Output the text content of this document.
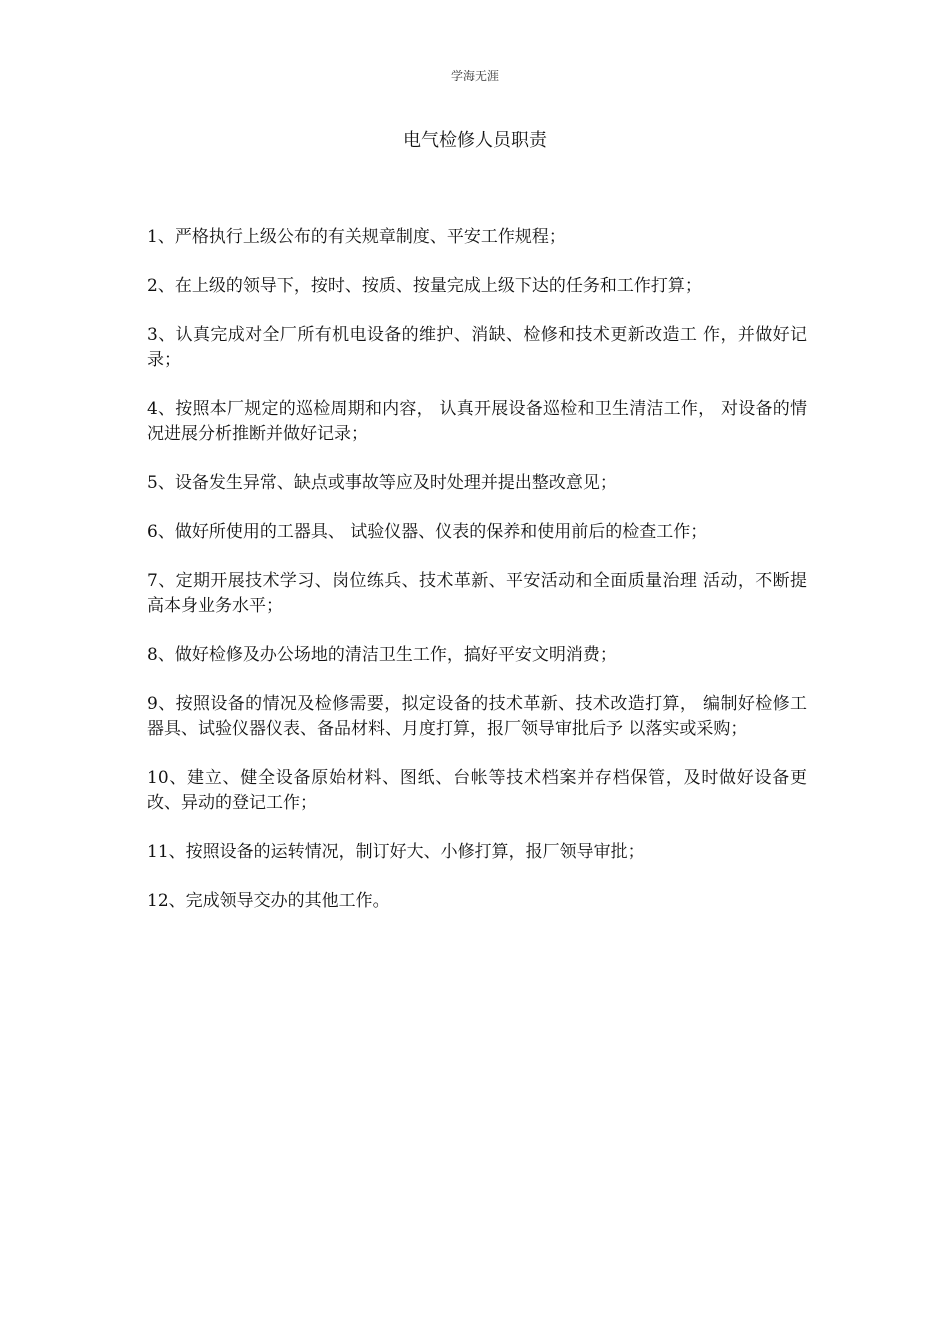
学海无涯
电气检修人员职责
1、严格执行上级公布的有关规章制度、平安工作规程；
2、在上级的领导下，按时、按质、按量完成上级下达的任务和工作打算；
3、认真完成对全厂所有机电设备的维护、消缺、检修和技术更新改造工 作，并做好记录；
4、按照本厂规定的巡检周期和内容， 认真开展设备巡检和卫生清洁工作， 对设备的情况进展分析推断并做好记录；
5、设备发生异常、缺点或事故等应及时处理并提出整改意见；
6、做好所使用的工器具、 试验仪器、仪表的保养和使用前后的检查工作；
7、定期开展技术学习、岗位练兵、技术革新、平安活动和全面质量治理 活动，不断提高本身业务水平；
8、做好检修及办公场地的清洁卫生工作，搞好平安文明消费；
9、按照设备的情况及检修需要，拟定设备的技术革新、技术改造打算， 编制好检修工器具、试验仪器仪表、备品材料、月度打算，报厂领导审批后予 以落实或采购；
10、建立、健全设备原始材料、图纸、台帐等技术档案并存档保管，及时做好设备更改、异动的登记工作；
11、按照设备的运转情况，制订好大、小修打算，报厂领导审批；
12、完成领导交办的其他工作。
